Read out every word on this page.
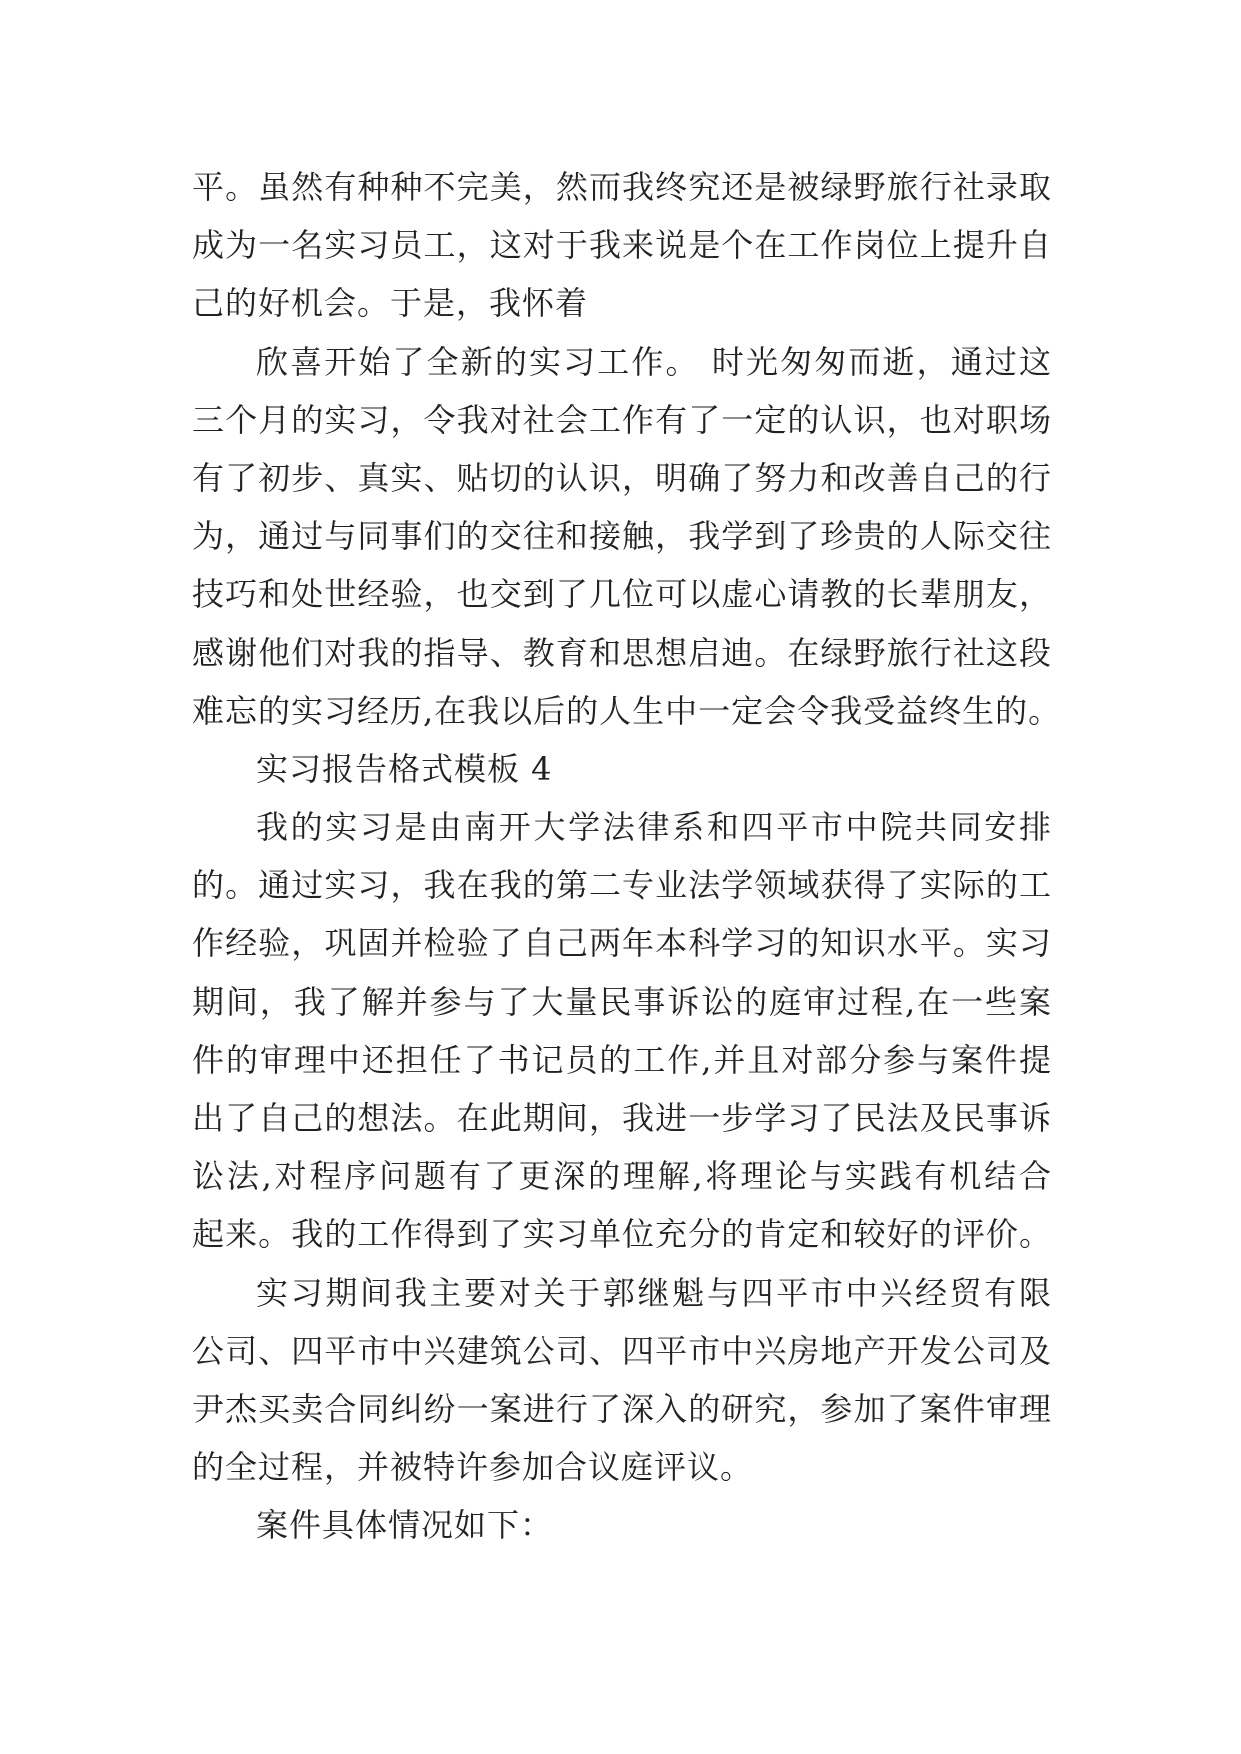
平。虽然有种种不完美，然而我终究还是被绿野旅行社录取
成为一名实习员工，这对于我来说是个在工作岗位上提升自
己的好机会。于是，我怀着
欣喜开始了全新的实习工作。 时光匆匆而逝，通过这
三个月的实习，令我对社会工作有了一定的认识，也对职场
有了初步、真实、贴切的认识，明确了努力和改善自己的行
为，通过与同事们的交往和接触，我学到了珍贵的人际交往
技巧和处世经验，也交到了几位可以虚心请教的长辈朋友，
感谢他们对我的指导、教育和思想启迪。在绿野旅行社这段
难忘的实习经历,在我以后的人生中一定会令我受益终生的。
实习报告格式模板 4
我的实习是由南开大学法律系和四平市中院共同安排
的。通过实习，我在我的第二专业法学领域获得了实际的工
作经验，巩固并检验了自己两年本科学习的知识水平。实习
期间，我了解并参与了大量民事诉讼的庭审过程,在一些案
件的审理中还担任了书记员的工作,并且对部分参与案件提
出了自己的想法。在此期间，我进一步学习了民法及民事诉
讼法,对程序问题有了更深的理解,将理论与实践有机结合
起来。我的工作得到了实习单位充分的肯定和较好的评价。
实习期间我主要对关于郭继魁与四平市中兴经贸有限
公司、四平市中兴建筑公司、四平市中兴房地产开发公司及
尹杰买卖合同纠纷一案进行了深入的研究，参加了案件审理
的全过程，并被特许参加合议庭评议。
案件具体情况如下：
